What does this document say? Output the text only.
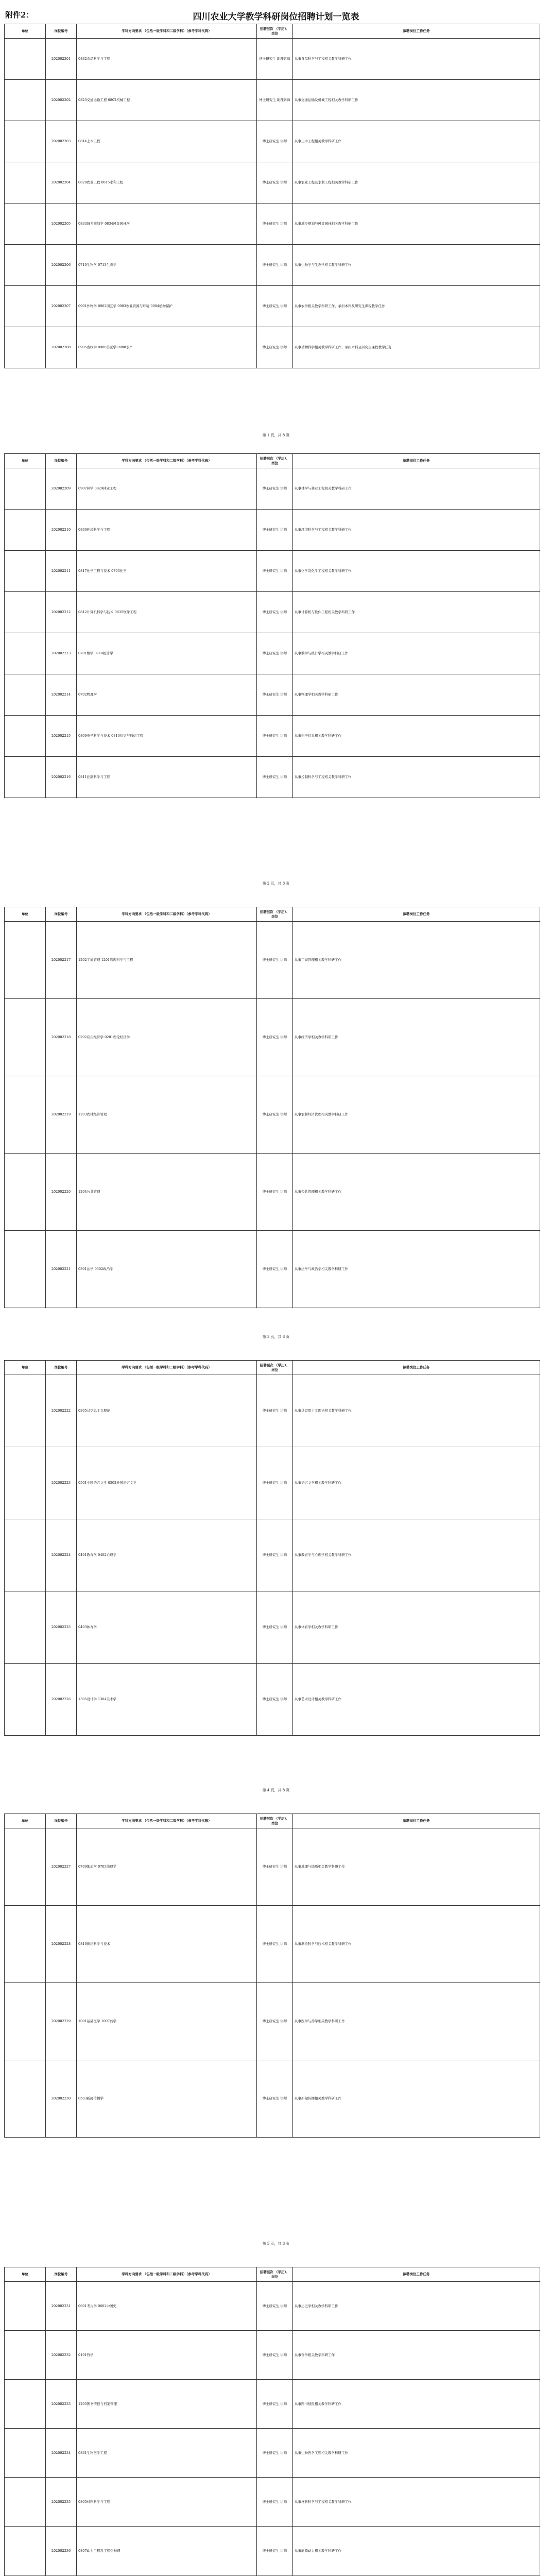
附件2：	四川农业大学教学科研岗位招聘计划一览表
单位	岗位编号	学科方向要求 （包括一级学科和二级学科）（参考学科代码）	招聘层次 （学历）、岗位	拟聘岗位工作任务
	202002201	0832食品科学与工程	博士研究生 助理讲师	从事食品科学与工程相关教学科研工作
	202002202	0823交通运输工程 0802机械工程	博士研究生 助理讲师	从事交通运输及机械工程相关教学科研工作
	202002203	0814土木工程	博士研究生 讲师	从事土木工程相关教学科研工作
	202002204	0828农业工程 0815水利工程	博士研究生 讲师	从事农业工程及水利工程相关教学科研工作
	202002205	0833城乡规划学 0834风景园林学	博士研究生 讲师	从事城乡规划与风景园林相关教学科研工作
	202002206	0710生物学 0713生态学	博士研究生 讲师	从事生物学与生态学相关教学科研工作
	202002207	0901作物学 0902园艺学 0903农业资源与环境 0904植物保护	博士研究生 讲师	从事农学相关教学科研工作，承担本科及研究生课程教学任务
	202002208	0905畜牧学 0906兽医学 0908水产	博士研究生 讲师	从事动物科学相关教学科研工作，承担本科及研究生课程教学任务
第 1 页，共 8 页
单位	岗位编号	学科方向要求 （包括一级学科和二级学科）（参考学科代码）	招聘层次 （学历）、岗位	拟聘岗位工作任务
	202002209	0907林学 0829林业工程	博士研究生 讲师	从事林学与林业工程相关教学科研工作
	202002210	0830环境科学与工程	博士研究生 讲师	从事环境科学与工程相关教学科研工作
	202002211	0817化学工程与技术 0703化学	博士研究生 讲师	从事化学及化学工程相关教学科研工作
	202002212	0812计算机科学与技术 0835软件工程	博士研究生 讲师	从事计算机与软件工程相关教学科研工作
	202002213	0701数学 0714统计学	博士研究生 讲师	从事数学与统计学相关教学科研工作
	202002214	0702物理学	博士研究生 讲师	从事物理学相关教学科研工作
	202002215	0809电子科学与技术 0810信息与通信工程	博士研究生 讲师	从事电子信息相关教学科研工作
	202002216	0811控制科学与工程	博士研究生 讲师	从事控制科学与工程相关教学科研工作
第 2 页，共 8 页
单位	岗位编号	学科方向要求 （包括一级学科和二级学科）（参考学科代码）	招聘层次 （学历）、岗位	拟聘岗位工作任务
	202002217	1202工商管理 1201管理科学与工程	博士研究生 讲师	从事工商管理相关教学科研工作
	202002218	0202应用经济学 0201理论经济学	博士研究生 讲师	从事经济学相关教学科研工作
	202002219	1203农林经济管理	博士研究生 讲师	从事农林经济管理相关教学科研工作
	202002220	1204公共管理	博士研究生 讲师	从事公共管理相关教学科研工作
	202002221	0301法学 0302政治学	博士研究生 讲师	从事法学与政治学相关教学科研工作
第 3 页，共 8 页
单位	岗位编号	学科方向要求 （包括一级学科和二级学科）（参考学科代码）	招聘层次 （学历）、岗位	拟聘岗位工作任务
	202002222	0305马克思主义理论	博士研究生 讲师	从事马克思主义理论相关教学科研工作
	202002223	0501中国语言文学 0502外国语言文学	博士研究生 讲师	从事语言文学相关教学科研工作
	202002224	0401教育学 0402心理学	博士研究生 讲师	从事教育学与心理学相关教学科研工作
	202002225	0403体育学	博士研究生 讲师	从事体育学相关教学科研工作
	202002226	1305设计学 1304美术学	博士研究生 讲师	从事艺术设计相关教学科研工作
第 4 页，共 8 页
单位	岗位编号	学科方向要求 （包括一级学科和二级学科）（参考学科代码）	招聘层次 （学历）、岗位	拟聘岗位工作任务
	202002227	0709地质学 0705地理学	博士研究生 讲师	从事地理与地质相关教学科研工作
	202002228	0816测绘科学与技术	博士研究生 讲师	从事测绘科学与技术相关教学科研工作
	202002229	1001基础医学 1007药学	博士研究生 讲师	从事医学与药学相关教学科研工作
	202002230	0503新闻传播学	博士研究生 讲师	从事新闻传播相关教学科研工作
第 5 页，共 8 页
单位	岗位编号	学科方向要求 （包括一级学科和二级学科）（参考学科代码）	招聘层次 （学历）、岗位	拟聘岗位工作任务
	202002231	0601考古学 0602中国史	博士研究生 讲师	从事历史学相关教学科研工作
	202002232	0101哲学	博士研究生 讲师	从事哲学相关教学科研工作
	202002233	1205图书情报与档案管理	博士研究生 讲师	从事图书情报相关教学科研工作
	202002234	0831生物医学工程	博士研究生 讲师	从事生物医学工程相关教学科研工作
	202002235	0805材料科学与工程	博士研究生 讲师	从事材料科学与工程相关教学科研工作
	202002236	0807动力工程及工程热物理	博士研究生 讲师	从事能源动力相关教学科研工作
